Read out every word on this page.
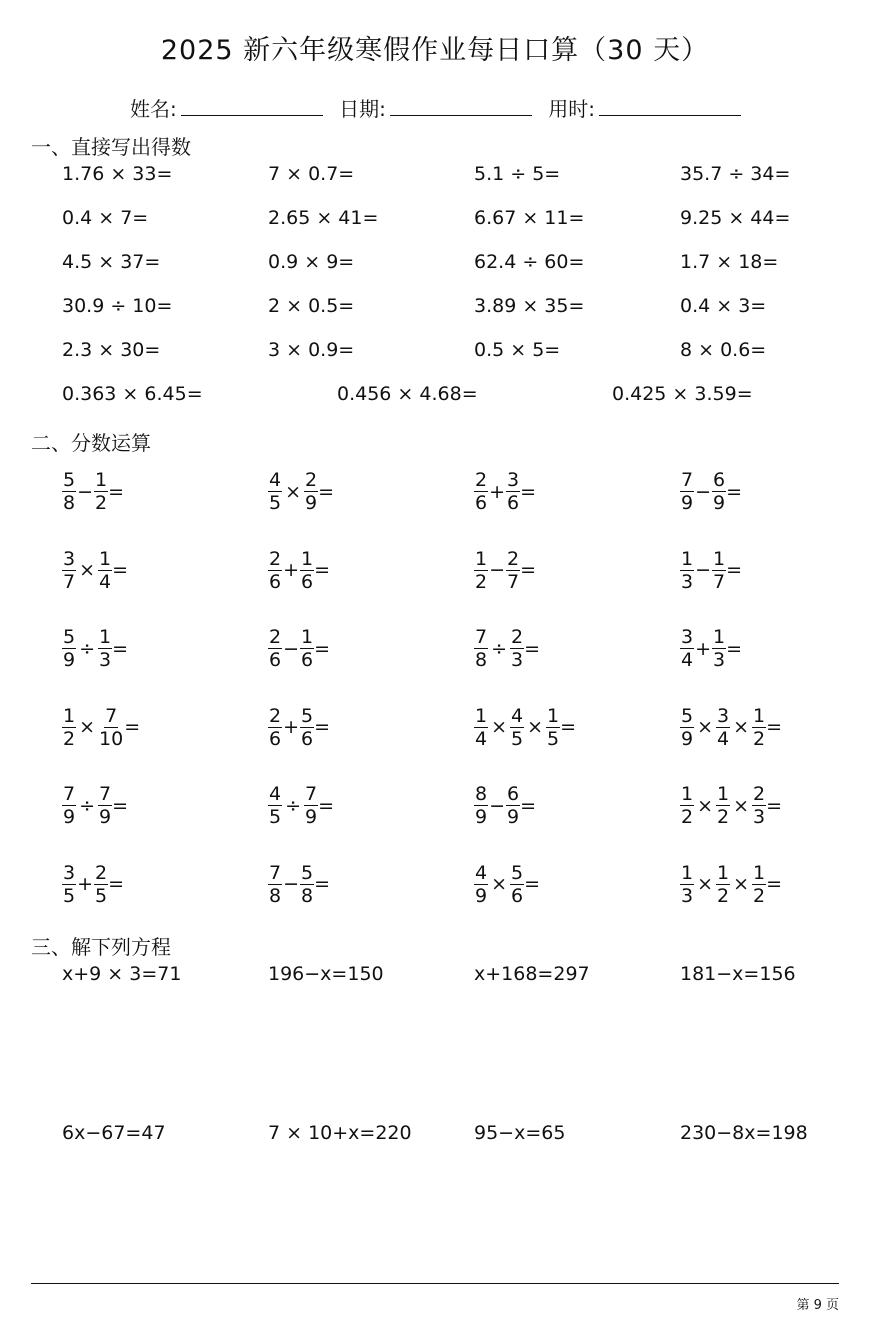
2025 新六年级寒假作业每日口算（30 天）
姓名:	日期:	用时:
一、直接写出得数
1.76 × 33=	7 × 0.7=	5.1 ÷ 5=	35.7 ÷ 34=
0.4 × 7=	2.65 × 41=	6.67 × 11=	9.25 × 44=
4.5 × 37=	0.9 × 9=	62.4 ÷ 60=	1.7 × 18=
30.9 ÷ 10=	2 × 0.5=	3.89 × 35=	0.4 × 3=
2.3 × 30=	3 × 0.9=	0.5 × 5=	8 × 0.6=
0.363 × 6.45=	0.456 × 4.68=	0.425 × 3.59=
二、分数运算
$\frac{5}{8} - \frac{1}{2}$ =	$\frac{4}{5} \times \frac{2}{9}$ =	$\frac{2}{6} + \frac{3}{6}$ =	$\frac{7}{9} - \frac{6}{9}$ =
$\frac{3}{7} \times \frac{1}{4}$ =	$\frac{2}{6} + \frac{1}{6}$ =	$\frac{1}{2} - \frac{2}{7}$ =	$\frac{1}{3} - \frac{1}{7}$ =
$\frac{5}{9} \div \frac{1}{3}$ =	$\frac{2}{6} - \frac{1}{6}$ =	$\frac{7}{8} \div \frac{2}{3}$ =	$\frac{3}{4} + \frac{1}{3}$ =
$\frac{1}{2} \times \frac{7}{10}$ =	$\frac{2}{6} + \frac{5}{6}$ =	$\frac{1}{4} \times \frac{4}{5} \times \frac{1}{5}$ =	$\frac{5}{9} \times \frac{3}{4} \times \frac{1}{2}$ =
$\frac{7}{9} \div \frac{7}{9}$ =	$\frac{4}{5} \div \frac{7}{9}$ =	$\frac{8}{9} - \frac{6}{9}$ =	$\frac{1}{2} \times \frac{1}{2} \times \frac{2}{3}$ =
$\frac{3}{5} + \frac{2}{5}$ =	$\frac{7}{8} - \frac{5}{8}$ =	$\frac{4}{9} \times \frac{5}{6}$ =	$\frac{1}{3} \times \frac{1}{2} \times \frac{1}{2}$ =
三、解下列方程
x+9 × 3=71	196−x=150	x+168=297	181−x=156
6x−67=47	7 × 10+x=220	95−x=65	230−8x=198
第 9 页
